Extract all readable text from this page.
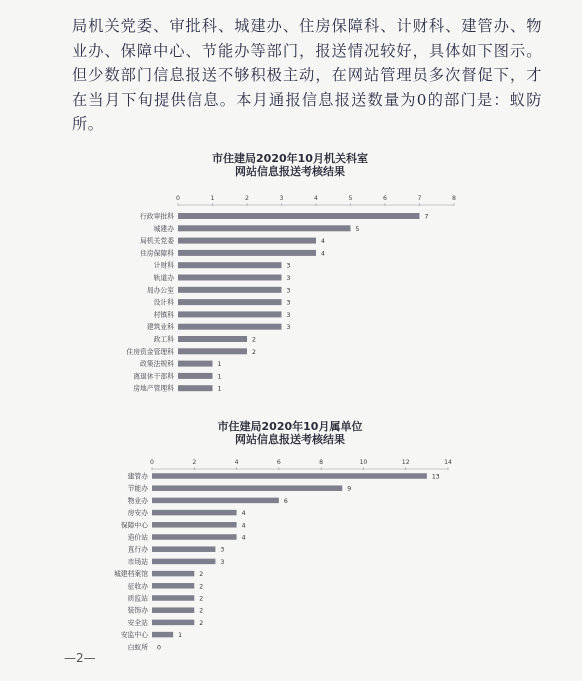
局机关党委、审批科、城建办、住房保障科、计财科、建管办、物业办、保障中心、节能办等部门，报送情况较好，具体如下图示。但少数部门信息报送不够积极主动，在网站管理员多次督促下，才在当月下旬提供信息。本月通报信息报送数量为0的部门是：蚁防所。

市住建局2020年10月机关科室
网站信息报送考核结果
0	1	2	3	4	5	6	7	8
行政审批科	7
城建办	5
局机关党委	4
住房保障科	4
计财科	3
轨道办	3
局办公室	3
设计科	3
村镇科	3
建筑业科	3
政工科	2
住房资金管理科	2
政策法规科	1
离退休干部科	1
房地产管理科	1
市住建局2020年10月属单位
网站信息报送考核结果
0	2	4	6	8	10	12	14
建管办	13
节能办	9
物业办	6
房安办	4
保障中心	4
造价站	4
直行办	3
市场站	3
城建档案馆	2
征收办	2
质监站	2
装饰办	2
安全站	2
安监中心	1
白蚁所 0
—2—
